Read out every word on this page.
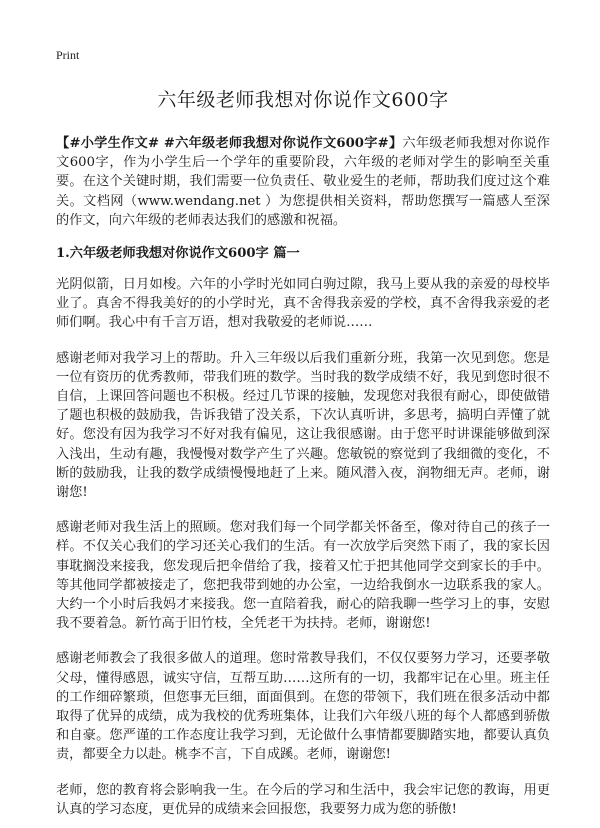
Print
六年级老师我想对你说作文600字

【#小学生作文# #六年级老师我想对你说作文600字#】六年级老师我想对你说作文600字，作为小学生后一个学年的重要阶段，六年级的老师对学生的影响至关重要。在这个关键时期，我们需要一位负责任、敬业爱生的老师，帮助我们度过这个难关。文档网（www.wendang.net ）为您提供相关资料，帮助您撰写一篇感人至深的作文，向六年级的老师表达我们的感激和祝福。

1.六年级老师我想对你说作文600字 篇一

光阴似箭，日月如梭。六年的小学时光如同白驹过隙，我马上要从我的亲爱的母校毕业了。真舍不得我美好的的小学时光，真不舍得我亲爱的学校，真不舍得我亲爱的老师们啊。我心中有千言万语，想对我敬爱的老师说……

感谢老师对我学习上的帮助。升入三年级以后我们重新分班，我第一次见到您。您是一位有资历的优秀教师，带我们班的数学。当时我的数学成绩不好，我见到您时很不自信，上课回答问题也不积极。经过几节课的接触，发现您对我很有耐心，即使做错了题也积极的鼓励我，告诉我错了没关系，下次认真听讲，多思考，搞明白弄懂了就好。您没有因为我学习不好对我有偏见，这让我很感谢。由于您平时讲课能够做到深入浅出，生动有趣，我慢慢对数学产生了兴趣。您敏锐的察觉到了我细微的变化，不断的鼓励我，让我的数学成绩慢慢地赶了上来。随风潜入夜，润物细无声。老师，谢谢您!

感谢老师对我生活上的照顾。您对我们每一个同学都关怀备至，像对待自己的孩子一样。不仅关心我们的学习还关心我们的生活。有一次放学后突然下雨了，我的家长因事耽搁没来接我，您发现后把伞借给了我，接着又忙于把其他同学交到家长的手中。等其他同学都被接走了，您把我带到她的办公室，一边给我倒水一边联系我的家人。大约一个小时后我妈才来接我。您一直陪着我，耐心的陪我聊一些学习上的事，安慰我不要着急。新竹高于旧竹枝，全凭老干为扶持。老师，谢谢您!

感谢老师教会了我很多做人的道理。您时常教导我们，不仅仅要努力学习，还要孝敬父母，懂得感恩，诚实守信，互帮互助……这所有的一切，我都牢记在心里。班主任的工作细碎繁琐，但您事无巨细，面面俱到。在您的带领下，我们班在很多活动中都取得了优异的成绩，成为我校的优秀班集体，让我们六年级八班的每个人都感到骄傲和自豪。您严谨的工作态度让我学习到，无论做什么事情都要脚踏实地，都要认真负责，都要全力以赴。桃李不言，下自成蹊。老师，谢谢您!

老师，您的教育将会影响我一生。在今后的学习和生活中，我会牢记您的教诲，用更认真的学习态度，更优异的成绩来会回报您，我要努力成为您的骄傲!
